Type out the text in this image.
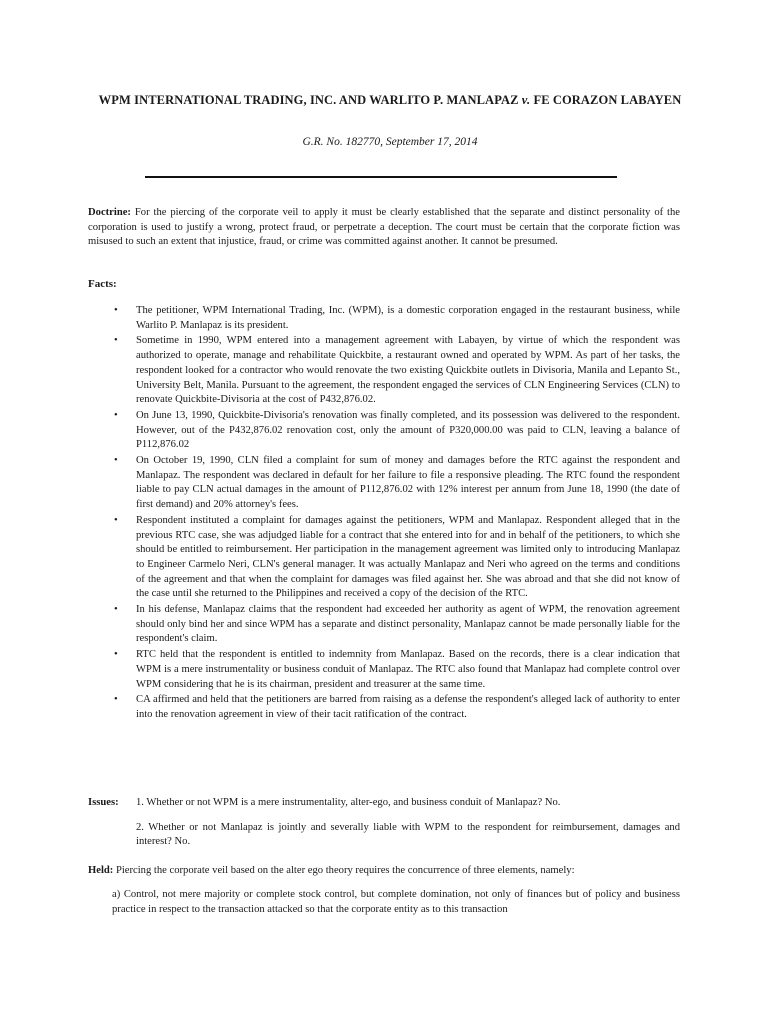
WPM INTERNATIONAL TRADING, INC. AND WARLITO P. MANLAPAZ v. FE CORAZON LABAYEN
G.R. No. 182770, September 17, 2014
Doctrine: For the piercing of the corporate veil to apply it must be clearly established that the separate and distinct personality of the corporation is used to justify a wrong, protect fraud, or perpetrate a deception. The court must be certain that the corporate fiction was misused to such an extent that injustice, fraud, or crime was committed against another. It cannot be presumed.
Facts:
• The petitioner, WPM International Trading, Inc. (WPM), is a domestic corporation engaged in the restaurant business, while Warlito P. Manlapaz is its president.
• Sometime in 1990, WPM entered into a management agreement with Labayen, by virtue of which the respondent was authorized to operate, manage and rehabilitate Quickbite, a restaurant owned and operated by WPM. As part of her tasks, the respondent looked for a contractor who would renovate the two existing Quickbite outlets in Divisoria, Manila and Lepanto St., University Belt, Manila. Pursuant to the agreement, the respondent engaged the services of CLN Engineering Services (CLN) to renovate Quickbite-Divisoria at the cost of P432,876.02.
• On June 13, 1990, Quickbite-Divisoria's renovation was finally completed, and its possession was delivered to the respondent. However, out of the P432,876.02 renovation cost, only the amount of P320,000.00 was paid to CLN, leaving a balance of P112,876.02
• On October 19, 1990, CLN filed a complaint for sum of money and damages before the RTC against the respondent and Manlapaz. The respondent was declared in default for her failure to file a responsive pleading. The RTC found the respondent liable to pay CLN actual damages in the amount of P112,876.02 with 12% interest per annum from June 18, 1990 (the date of first demand) and 20% attorney's fees.
• Respondent instituted a complaint for damages against the petitioners, WPM and Manlapaz. Respondent alleged that in the previous RTC case, she was adjudged liable for a contract that she entered into for and in behalf of the petitioners, to which she should be entitled to reimbursement. Her participation in the management agreement was limited only to introducing Manlapaz to Engineer Carmelo Neri, CLN's general manager. It was actually Manlapaz and Neri who agreed on the terms and conditions of the agreement and that when the complaint for damages was filed against her. She was abroad and that she did not know of the case until she returned to the Philippines and received a copy of the decision of the RTC.
• In his defense, Manlapaz claims that the respondent had exceeded her authority as agent of WPM, the renovation agreement should only bind her and since WPM has a separate and distinct personality, Manlapaz cannot be made personally liable for the respondent's claim.
• RTC held that the respondent is entitled to indemnity from Manlapaz. Based on the records, there is a clear indication that WPM is a mere instrumentality or business conduit of Manlapaz. The RTC also found that Manlapaz had complete control over WPM considering that he is its chairman, president and treasurer at the same time.
• CA affirmed and held that the petitioners are barred from raising as a defense the respondent's alleged lack of authority to enter into the renovation agreement in view of their tacit ratification of the contract.
Issues: 1. Whether or not WPM is a mere instrumentality, alter-ego, and business conduit of Manlapaz? No.
2. Whether or not Manlapaz is jointly and severally liable with WPM to the respondent for reimbursement, damages and interest? No.
Held: Piercing the corporate veil based on the alter ego theory requires the concurrence of three elements, namely:
a) Control, not mere majority or complete stock control, but complete domination, not only of finances but of policy and business practice in respect to the transaction attacked so that the corporate entity as to this transaction
